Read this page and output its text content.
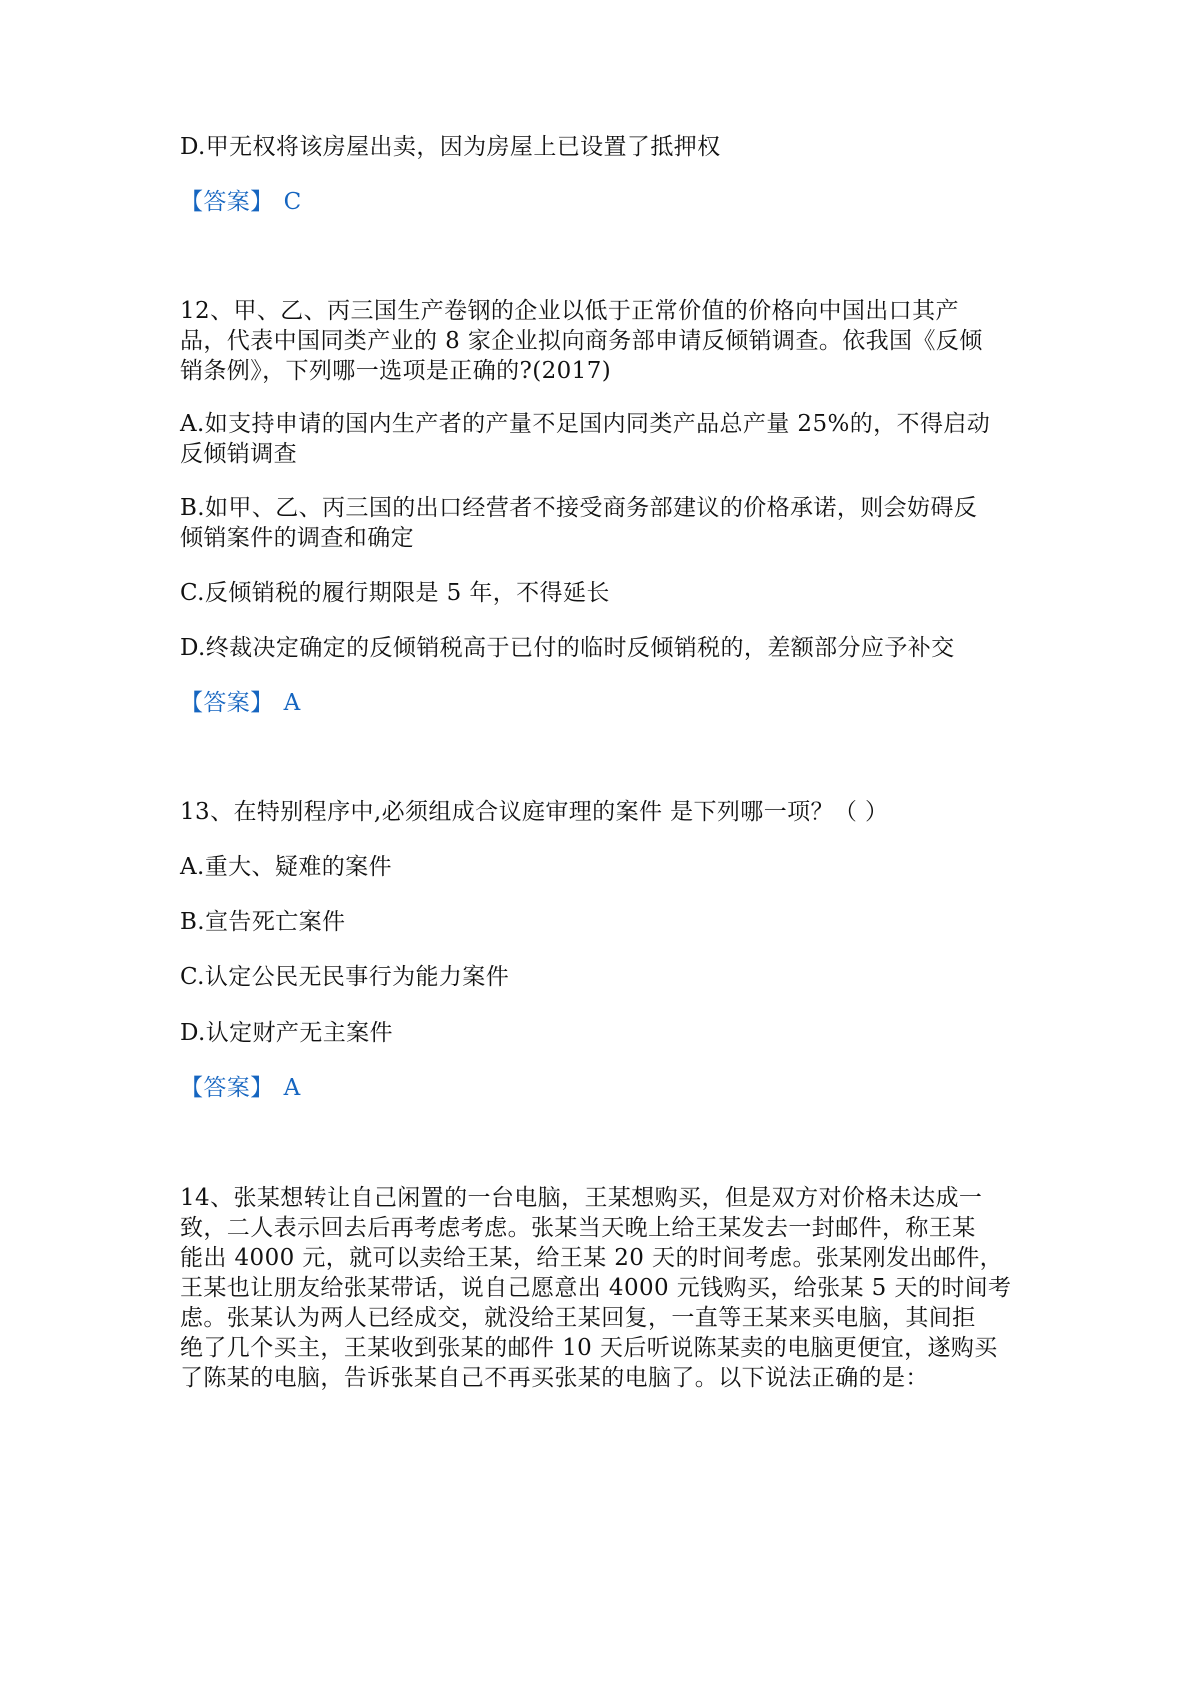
D.甲无权将该房屋出卖，因为房屋上已设置了抵押权
【答案】 C
12、甲、乙、丙三国生产卷钢的企业以低于正常价值的价格向中国出口其产
品，代表中国同类产业的 8 家企业拟向商务部申请反倾销调查。依我国《反倾
销条例》，下列哪一选项是正确的?(2017)
A.如支持申请的国内生产者的产量不足国内同类产品总产量 25%的，不得启动
反倾销调查
B.如甲、乙、丙三国的出口经营者不接受商务部建议的价格承诺，则会妨碍反
倾销案件的调查和确定
C.反倾销税的履行期限是 5 年，不得延长
D.终裁决定确定的反倾销税高于已付的临时反倾销税的，差额部分应予补交
【答案】 A
13、在特别程序中,必须组成合议庭审理的案件 是下列哪一项？（ ）
A.重大、疑难的案件
B.宣告死亡案件
C.认定公民无民事行为能力案件
D.认定财产无主案件
【答案】 A
14、张某想转让自己闲置的一台电脑，王某想购买，但是双方对价格未达成一
致，二人表示回去后再考虑考虑。张某当天晚上给王某发去一封邮件，称王某
能出 4000 元，就可以卖给王某，给王某 20 天的时间考虑。张某刚发出邮件，
王某也让朋友给张某带话，说自己愿意出 4000 元钱购买，给张某 5 天的时间考
虑。张某认为两人已经成交，就没给王某回复，一直等王某来买电脑，其间拒
绝了几个买主，王某收到张某的邮件 10 天后听说陈某卖的电脑更便宜，遂购买
了陈某的电脑，告诉张某自己不再买张某的电脑了。以下说法正确的是：
